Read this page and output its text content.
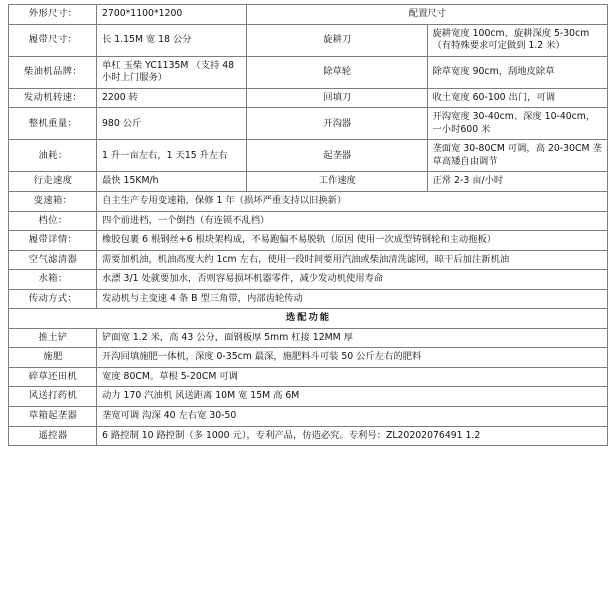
外形尺寸：	2700*1100*1200	配置尺寸	
履带尺寸：	长 1.15M 宽 18 公分	旋耕刀	旋耕宽度 100cm、旋耕深度 5-30cm（有特殊要求可定做到 1.2 米）
柴油机品牌：	单杠 玉柴 YC1135M （支持 48 小时上门服务）	除草轮	除草宽度 90cm，刮地皮除草
发动机转速：	2200 转	回填刀	收土宽度 60-100 出门，可调
整机重量：	980 公斤	开沟器	开沟宽度 30-40cm、深度 10-40cm，一小时600 米
油耗：	1 升一亩左右，1 天15 升左右	起垄器	垄面宽 30-80CM 可调，高 20-30CM 垄草高矮自由调节
行走速度	最快 15KM/h	工作速度	正常 2-3 亩/小时
变速箱：	自主生产专用变速箱，保修 1 年（损坏严重支持以旧换新）		
档位：	四个前进档，一个倒挡（有连锁不乱档）		
履带详情：	橡胶包裹 6 根钢丝+6 根块架构成，不易跑偏不易脱轨（原因 使用一次成型铸钢轮和主动拖板）		
空气滤清器	需要加机油，机油高度大约 1cm 左右，使用一段时间要用汽油或柴油清洗滤网，晾干后加注新机油		
水箱：	水漂 3/1 处就要加水，否则容易损坏机器零件，减少发动机使用寿命		
传动方式：	发动机与主变速 4 条 B 型三角带，内部齿轮传动		
选配功能			
推土铲	铲面宽 1.2 米，高 43 公分，面钢板厚 5mm 杠接 12MM 厚		
施肥	开沟回填施肥一体机，深度 0-35cm 最深，施肥料斗可装 50 公斤左右的肥料		
碎草还田机	宽度 80CM。草根 5-20CM 可调		
风送打药机	动力 170 汽油机 风送距离 10M 宽 15M 高 6M		
草箱起垄器	垄宽可调 沟深 40 左右宽 30-50		
遥控器	6 路控制 10 路控制（多 1000 元），专利产品，仿造必究。专利号：ZL20202076491 1.2		
